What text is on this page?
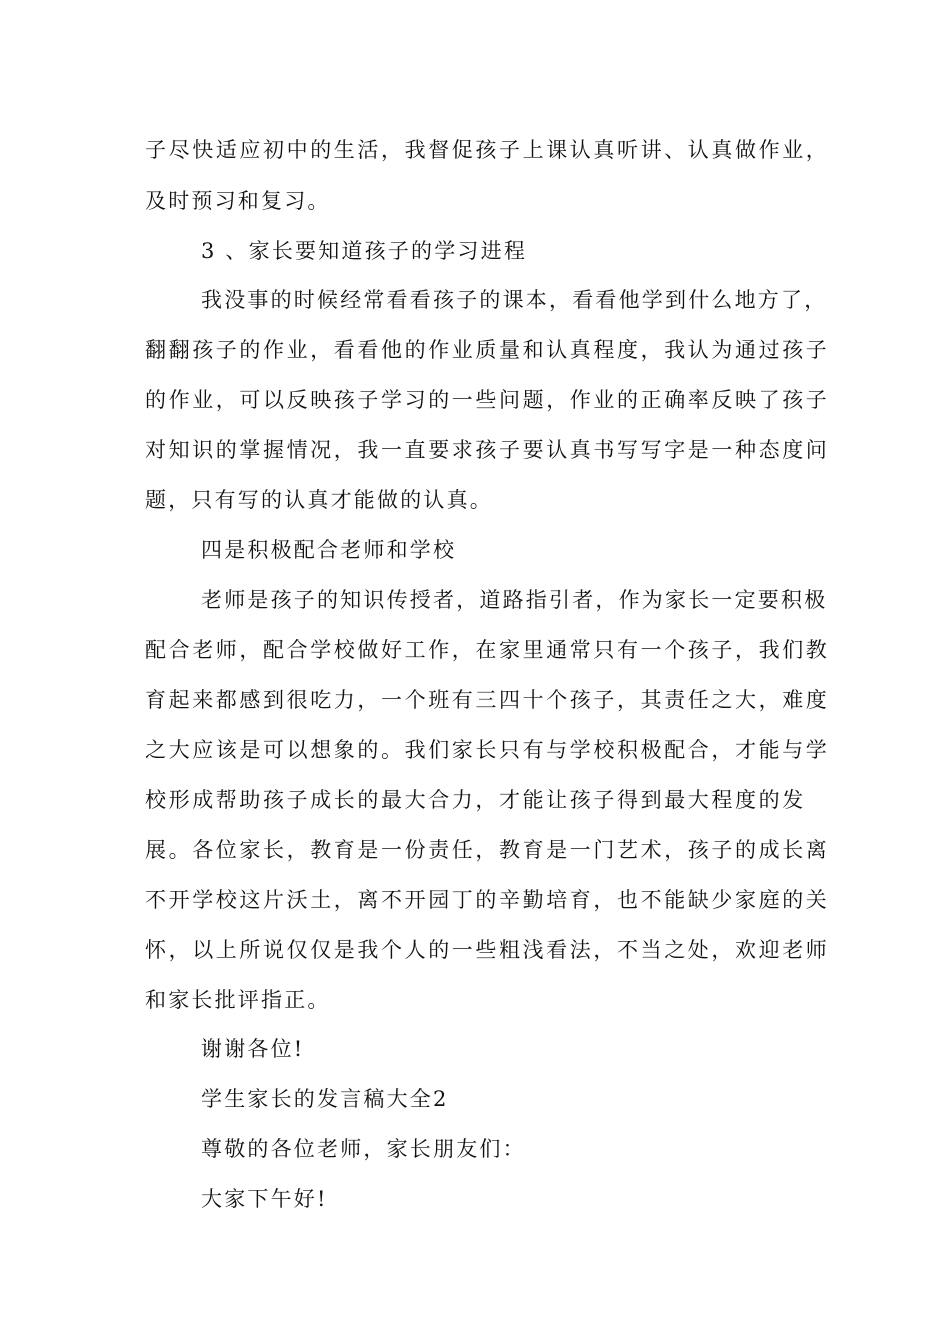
子尽快适应初中的生活，我督促孩子上课认真听讲、认真做作业，
及时预习和复习。
3 、家长要知道孩子的学习进程
我没事的时候经常看看孩子的课本，看看他学到什么地方了，
翻翻孩子的作业，看看他的作业质量和认真程度，我认为通过孩子
的作业，可以反映孩子学习的一些问题，作业的正确率反映了孩子
对知识的掌握情况，我一直要求孩子要认真书写写字是一种态度问
题，只有写的认真才能做的认真。
四是积极配合老师和学校
老师是孩子的知识传授者，道路指引者，作为家长一定要积极
配合老师，配合学校做好工作，在家里通常只有一个孩子，我们教
育起来都感到很吃力，一个班有三四十个孩子，其责任之大，难度
之大应该是可以想象的。我们家长只有与学校积极配合，才能与学
校形成帮助孩子成长的最大合力，才能让孩子得到最大程度的发
展。各位家长，教育是一份责任，教育是一门艺术，孩子的成长离
不开学校这片沃土，离不开园丁的辛勤培育，也不能缺少家庭的关
怀，以上所说仅仅是我个人的一些粗浅看法，不当之处，欢迎老师
和家长批评指正。
谢谢各位!
学生家长的发言稿大全2
尊敬的各位老师，家长朋友们：
大家下午好!
